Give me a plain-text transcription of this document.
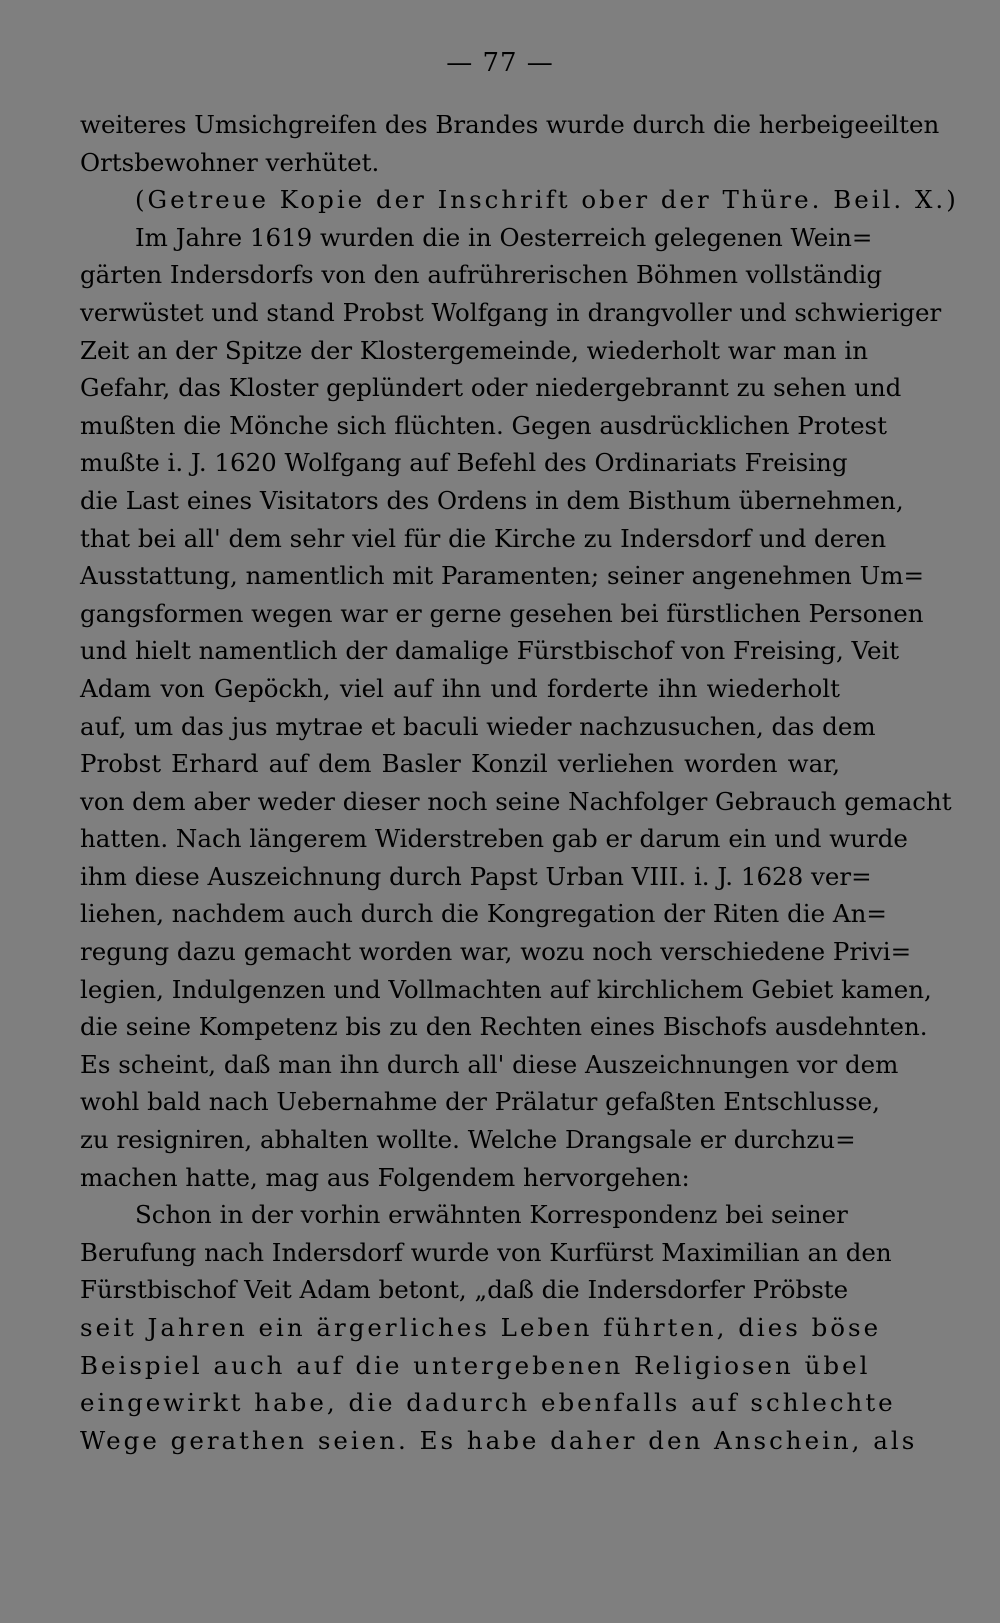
— 77 —
weiteres Umsichgreifen des Brandes wurde durch die herbeigeeilten
Ortsbewohner verhütet.
(Getreue Kopie der Inschrift ober der Thüre. Beil. X.)
Im Jahre 1619 wurden die in Oesterreich gelegenen Wein=
gärten Indersdorfs von den aufrührerischen Böhmen vollständig
verwüstet und stand Probst Wolfgang in drangvoller und schwieriger
Zeit an der Spitze der Klostergemeinde, wiederholt war man in
Gefahr, das Kloster geplündert oder niedergebrannt zu sehen und
mußten die Mönche sich flüchten. Gegen ausdrücklichen Protest
mußte i. J. 1620 Wolfgang auf Befehl des Ordinariats Freising
die Last eines Visitators des Ordens in dem Bisthum übernehmen,
that bei all' dem sehr viel für die Kirche zu Indersdorf und deren
Ausstattung, namentlich mit Paramenten; seiner angenehmen Um=
gangsformen wegen war er gerne gesehen bei fürstlichen Personen
und hielt namentlich der damalige Fürstbischof von Freising, Veit
Adam von Gepöckh, viel auf ihn und forderte ihn wiederholt
auf, um das jus mytrae et baculi wieder nachzusuchen, das dem
Probst Erhard auf dem Basler Konzil verliehen worden war,
von dem aber weder dieser noch seine Nachfolger Gebrauch gemacht
hatten. Nach längerem Widerstreben gab er darum ein und wurde
ihm diese Auszeichnung durch Papst Urban VIII. i. J. 1628 ver=
liehen, nachdem auch durch die Kongregation der Riten die An=
regung dazu gemacht worden war, wozu noch verschiedene Privi=
legien, Indulgenzen und Vollmachten auf kirchlichem Gebiet kamen,
die seine Kompetenz bis zu den Rechten eines Bischofs ausdehnten.
Es scheint, daß man ihn durch all' diese Auszeichnungen vor dem
wohl bald nach Uebernahme der Prälatur gefaßten Entschlusse,
zu resigniren, abhalten wollte. Welche Drangsale er durchzu=
machen hatte, mag aus Folgendem hervorgehen:
Schon in der vorhin erwähnten Korrespondenz bei seiner
Berufung nach Indersdorf wurde von Kurfürst Maximilian an den
Fürstbischof Veit Adam betont, „daß die Indersdorfer Pröbste
seit Jahren ein ärgerliches Leben führten, dies böse
Beispiel auch auf die untergebenen Religiosen übel
eingewirkt habe, die dadurch ebenfalls auf schlechte
Wege gerathen seien. Es habe daher den Anschein, als
